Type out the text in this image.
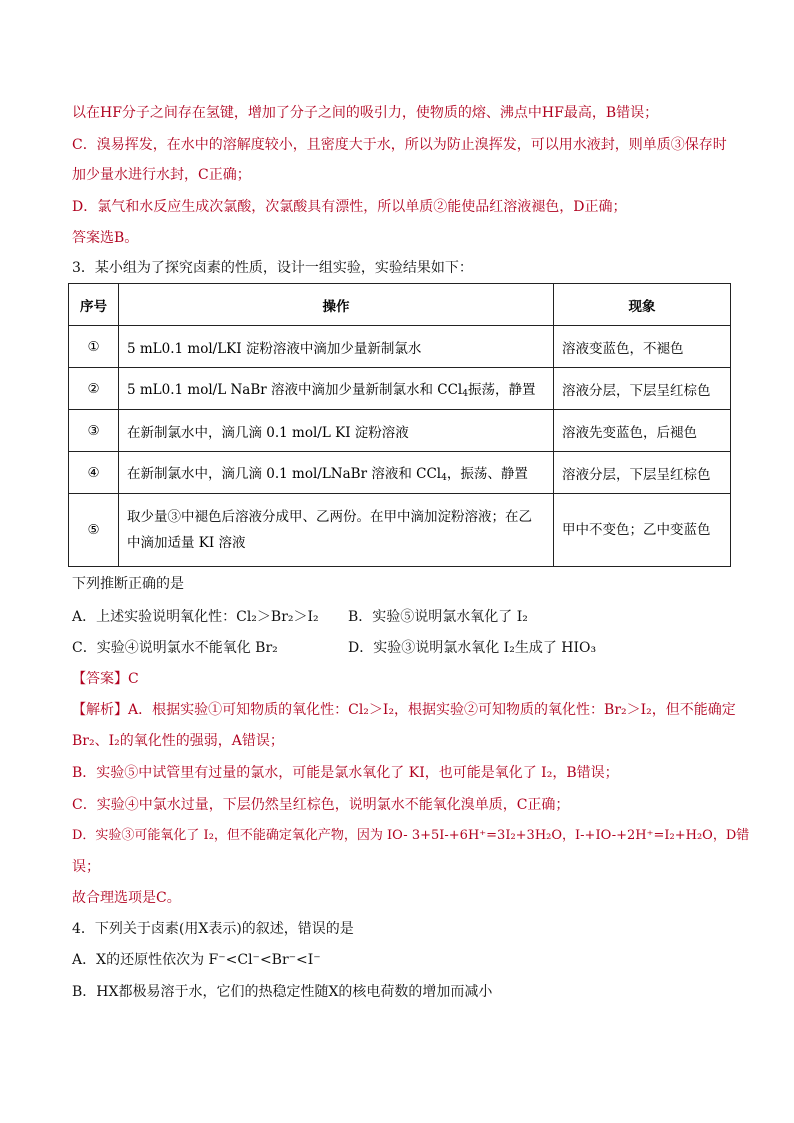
以在HF分子之间存在氢键，增加了分子之间的吸引力，使物质的熔、沸点中HF最高，B错误；
C．溴易挥发，在水中的溶解度较小，且密度大于水，所以为防止溴挥发，可以用水液封，则单质③保存时
加少量水进行水封，C正确；
D．氯气和水反应生成次氯酸，次氯酸具有漂性，所以单质②能使品红溶液褪色，D正确；
答案选B。
3．某小组为了探究卤素的性质，设计一组实验，实验结果如下：
序号	操作	现象
①	5 mL0.1 mol/LKI 淀粉溶液中滴加少量新制氯水	溶液变蓝色，不褪色
②	5 mL0.1 mol/L NaBr 溶液中滴加少量新制氯水和 CCl$_4$振荡，静置	溶液分层，下层呈红棕色
③	在新制氯水中，滴几滴 0.1 mol/L KI 淀粉溶液	溶液先变蓝色，后褪色
④	在新制氯水中，滴几滴 0.1 mol/LNaBr 溶液和 CCl$_4$，振荡、静置	溶液分层，下层呈红棕色
⑤	取少量③中褪色后溶液分成甲、乙两份。在甲中滴加淀粉溶液；在乙
中滴加适量 KI 溶液	甲中不变色；乙中变蓝色
下列推断正确的是
A．上述实验说明氧化性：Cl₂＞Br₂＞I₂ B．实验⑤说明氯水氧化了 I₂
C．实验④说明氯水不能氧化 Br₂	D．实验③说明氯水氧化 I₂生成了 HIO₃
【答案】C
【解析】A．根据实验①可知物质的氧化性：Cl₂＞I₂，根据实验②可知物质的氧化性：Br₂＞I₂，但不能确定
Br₂、I₂的氧化性的强弱，A错误；
B．实验⑤中试管里有过量的氯水，可能是氯水氧化了 KI，也可能是氧化了 I₂，B错误；
C．实验④中氯水过量，下层仍然呈红棕色，说明氯水不能氧化溴单质，C正确；
D．实验③可能氧化了 I₂，但不能确定氧化产物，因为 IO- 3+5I-+6H⁺=3I₂+3H₂O，I-+IO-+2H⁺=I₂+H₂O，D错
误；
故合理选项是C。
4．下列关于卤素(用X表示)的叙述，错误的是
A．X的还原性依次为 F⁻<Cl⁻<Br⁻<I⁻
B．HX都极易溶于水，它们的热稳定性随X的核电荷数的增加而减小
